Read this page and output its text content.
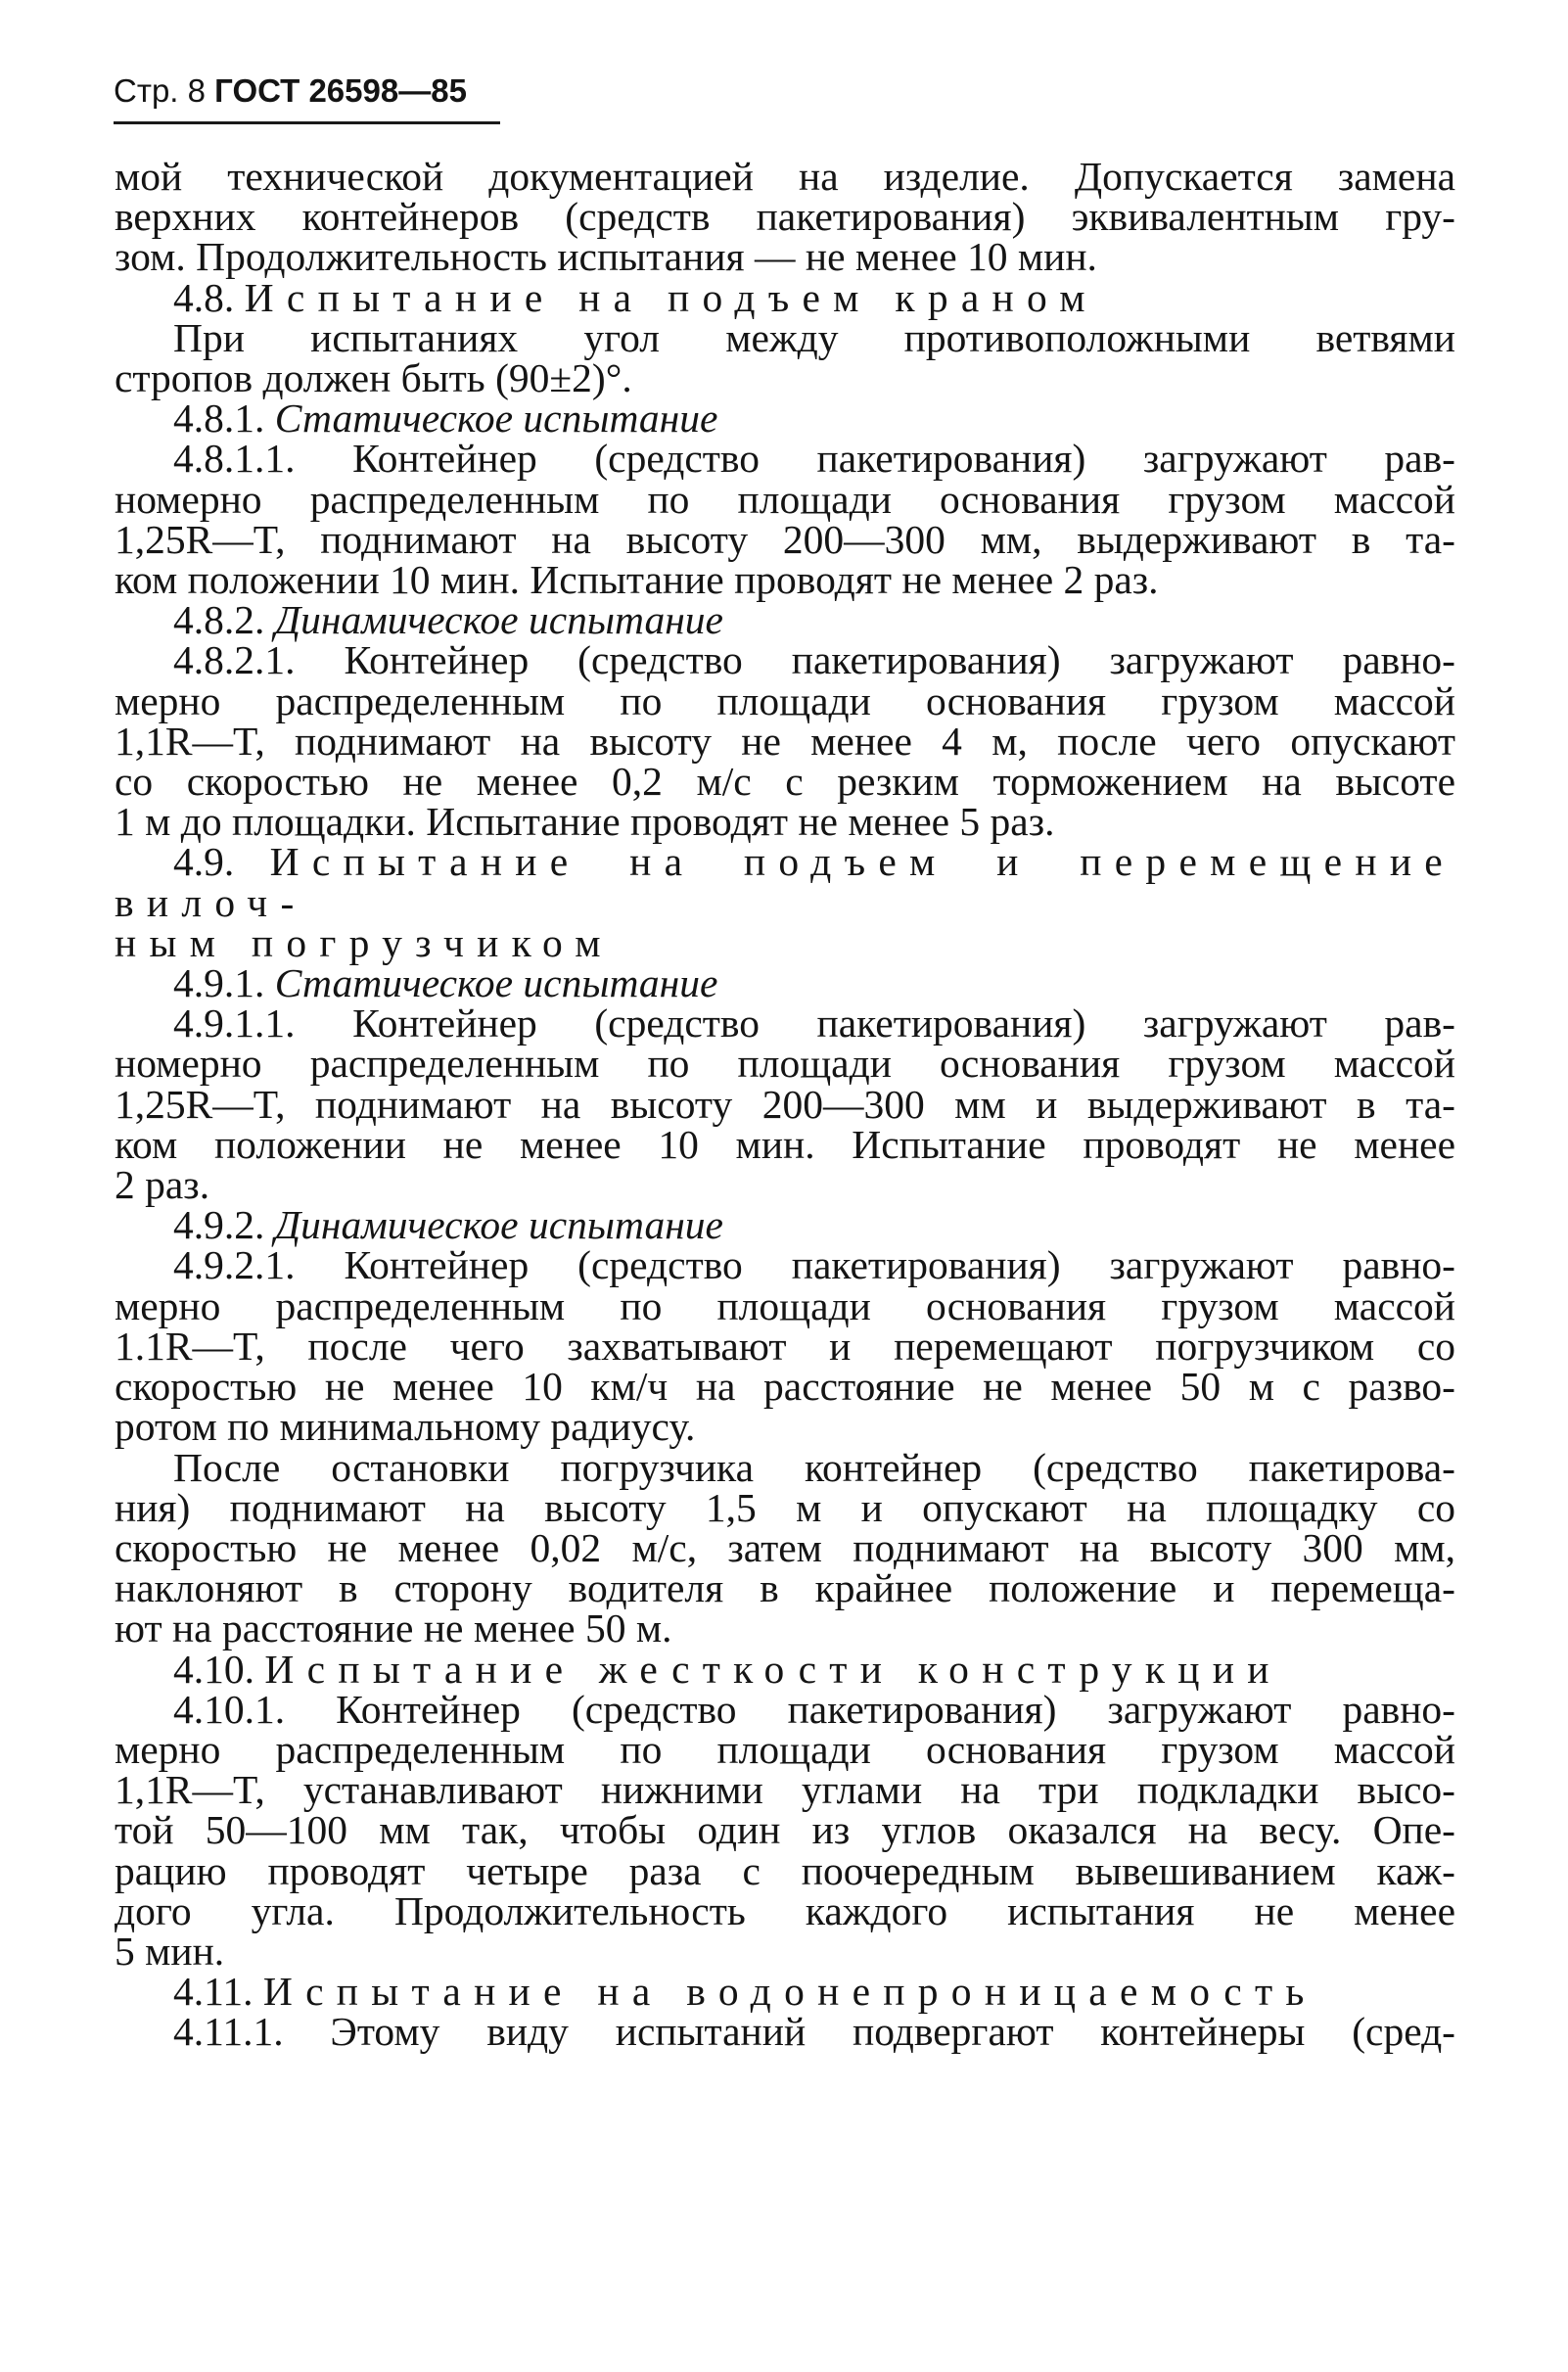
Стр. 8 ГОСТ 26598—85

мой технической документацией на изделие. Допускается замена

верхних контейнеров (средств пакетирования) эквивалентным гру-

зом. Продолжительность испытания — не менее 10 мин.

4.8. Испытание на подъем краном

При испытаниях угол между противоположными ветвями

стропов должен быть (90±2)°.

4.8.1. Статическое испытание

4.8.1.1. Контейнер (средство пакетирования) загружают рав-

номерно распределенным по площади основания грузом массой

1,25R—T, поднимают на высоту 200—300 мм, выдерживают в та-

ком положении 10 мин. Испытание проводят не менее 2 раз.

4.8.2. Динамическое испытание

4.8.2.1. Контейнер (средство пакетирования) загружают равно-

мерно распределенным по площади основания грузом массой

1,1R—T, поднимают на высоту не менее 4 м, после чего опускают

со скоростью не менее 0,2 м/с с резким торможением на высоте

1 м до площадки. Испытание проводят не менее 5 раз.

4.9. Испытание на подъем и перемещение вилоч-

ным погрузчиком

4.9.1. Статическое испытание

4.9.1.1. Контейнер (средство пакетирования) загружают рав-

номерно распределенным по площади основания грузом массой

1,25R—T, поднимают на высоту 200—300 мм и выдерживают в та-

ком положении не менее 10 мин. Испытание проводят не менее

2 раз.

4.9.2. Динамическое испытание

4.9.2.1. Контейнер (средство пакетирования) загружают равно-

мерно распределенным по площади основания грузом массой

1.1R—T, после чего захватывают и перемещают погрузчиком со

скоростью не менее 10 км/ч на расстояние не менее 50 м с разво-

ротом по минимальному радиусу.

После остановки погрузчика контейнер (средство пакетирова-

ния) поднимают на высоту 1,5 м и опускают на площадку со

скоростью не менее 0,02 м/с, затем поднимают на высоту 300 мм,

наклоняют в сторону водителя в крайнее положение и перемеща-

ют на расстояние не менее 50 м.

4.10. Испытание жесткости конструкции

4.10.1. Контейнер (средство пакетирования) загружают равно-

мерно распределенным по площади основания грузом массой

1,1R—T, устанавливают нижними углами на три подкладки высо-

той 50—100 мм так, чтобы один из углов оказался на весу. Опе-

рацию проводят четыре раза с поочередным вывешиванием каж-

дого угла. Продолжительность каждого испытания не менее

5 мин.

4.11. Испытание на водонепроницаемость

4.11.1. Этому виду испытаний подвергают контейнеры (сред-
